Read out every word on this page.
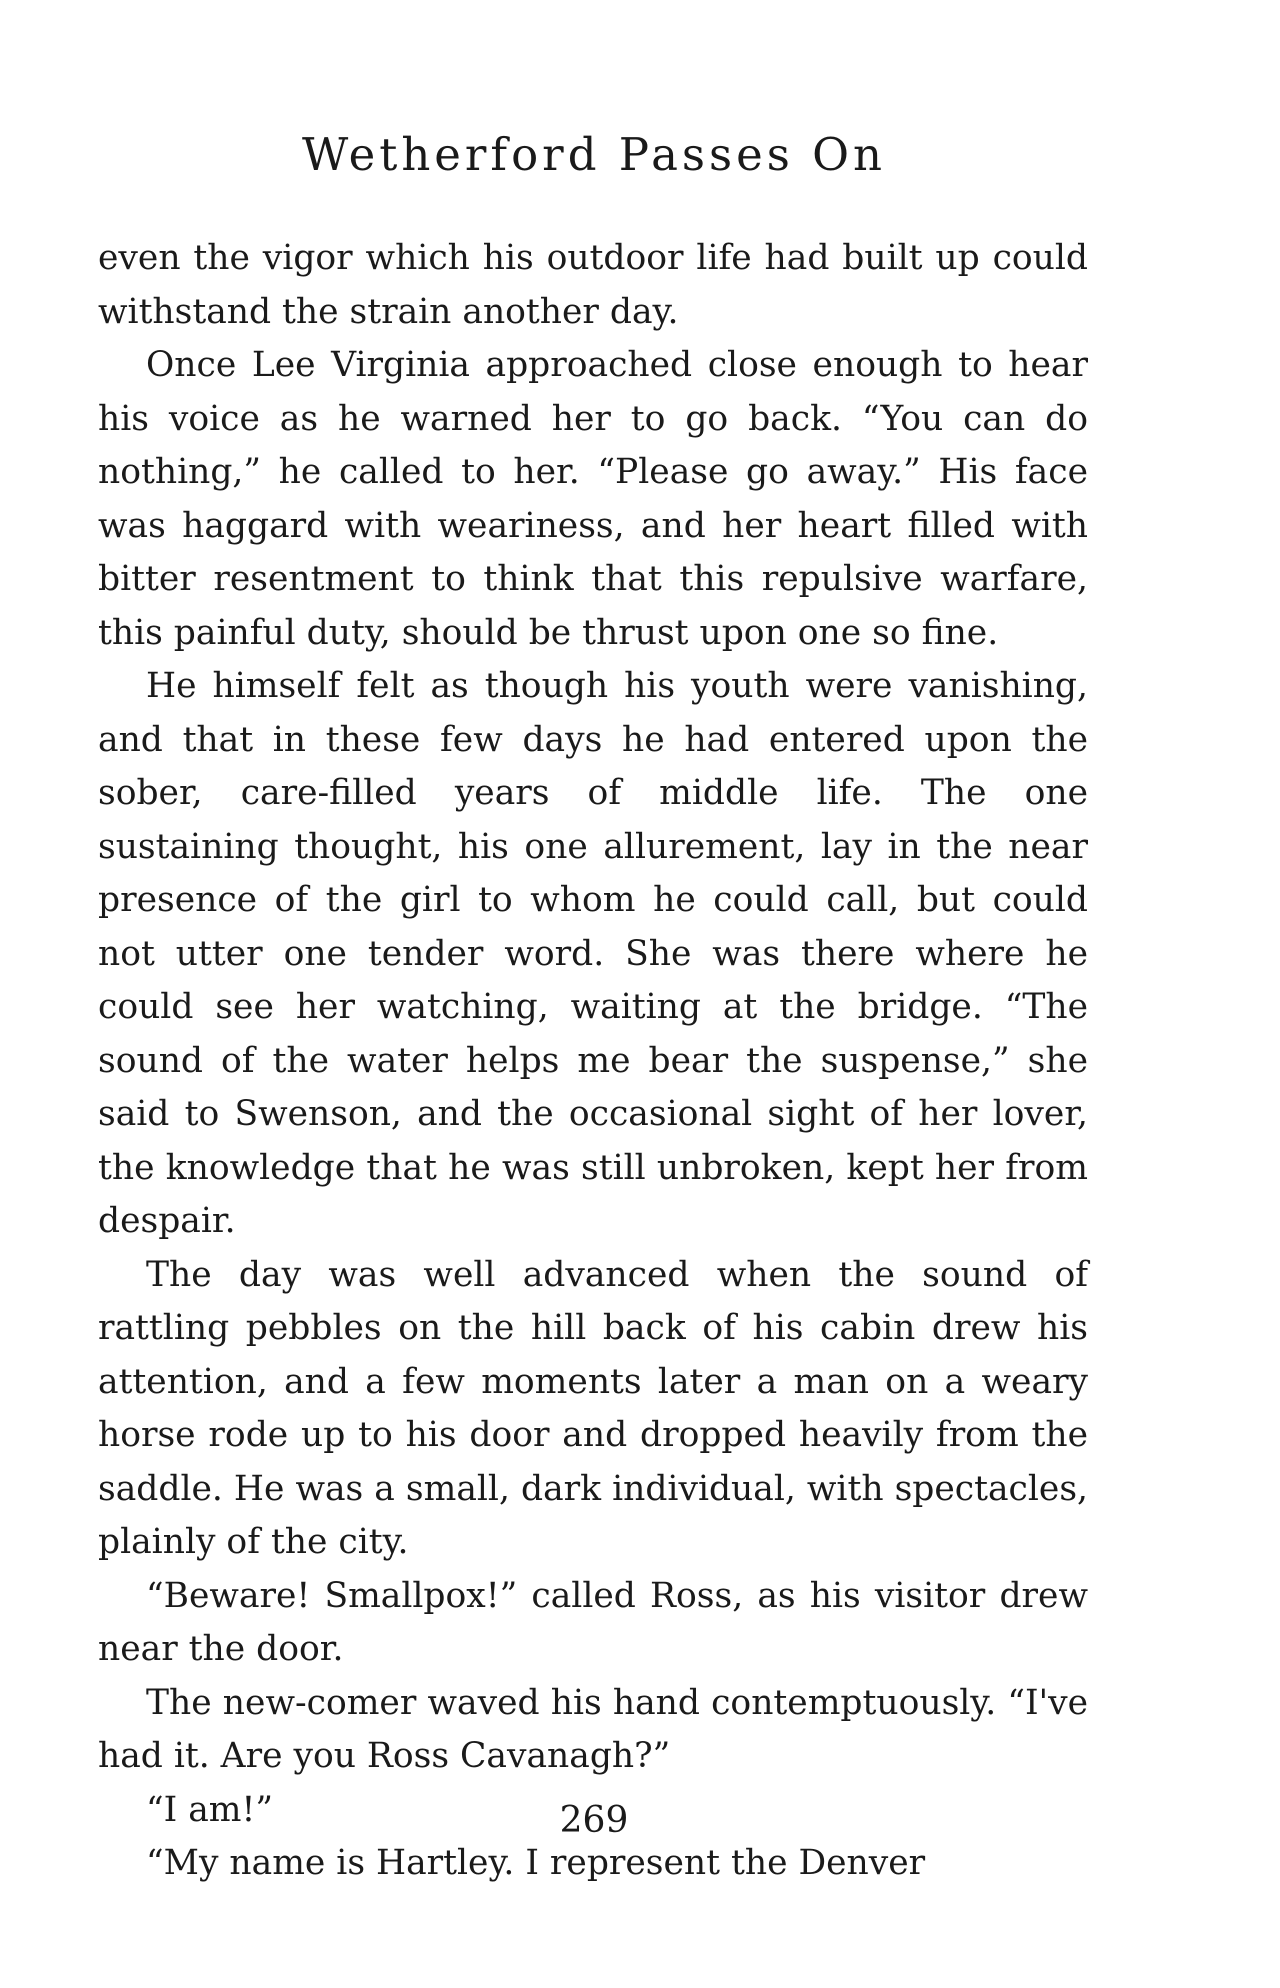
Wetherford Passes On

even the vigor which his outdoor life had built up could withstand the strain another day.

Once Lee Virginia approached close enough to hear his voice as he warned her to go back. “You can do nothing,” he called to her. “Please go away.” His face was haggard with weariness, and her heart filled with bitter resentment to think that this repulsive warfare, this painful duty, should be thrust upon one so fine.

He himself felt as though his youth were vanishing, and that in these few days he had entered upon the sober, care-filled years of middle life. The one sustaining thought, his one allurement, lay in the near presence of the girl to whom he could call, but could not utter one tender word. She was there where he could see her watching, waiting at the bridge. “The sound of the water helps me bear the suspense,” she said to Swenson, and the occasional sight of her lover, the knowledge that he was still unbroken, kept her from despair.

The day was well advanced when the sound of rattling pebbles on the hill back of his cabin drew his attention, and a few moments later a man on a weary horse rode up to his door and dropped heavily from the saddle. He was a small, dark individual, with spectacles, plainly of the city.

“Beware! Smallpox!” called Ross, as his visitor drew near the door.

The new-comer waved his hand contemptuously. “I've had it. Are you Ross Cavanagh?”

“I am!”

“My name is Hartley. I represent the Denver

269
